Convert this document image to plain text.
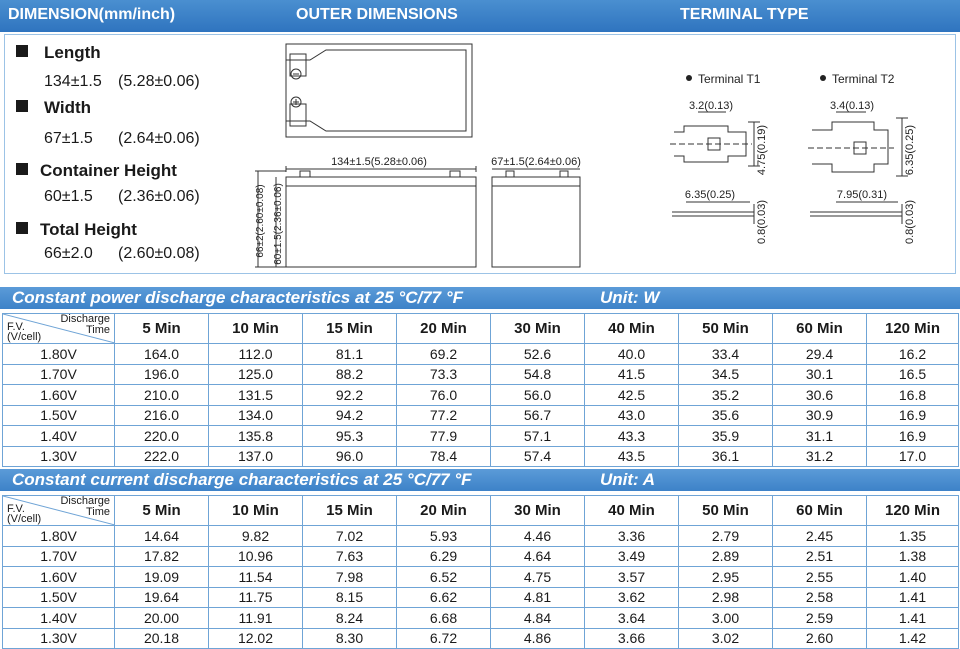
DIMENSION(mm/inch)	OUTER DIMENSIONS	TERMINAL TYPE
Length
134±1.5 (5.28±0.06)
Width
67±1.5 (2.64±0.06)
Container Height
60±1.5 (2.36±0.06)
Total Height
66±2.0 (2.60±0.08)
134±1.5(5.28±0.06)
66±2(2.60±0.08) 60±1.5(2.36±0.06)
67±1.5(2.64±0.06)
Terminal T1	Terminal T2
3.2(0.13)
4.75(0.19)
6.35(0.25)
0.8(0.03)
3.4(0.13)
6.35(0.25)
7.95(0.31)
0.8(0.03)
Constant power discharge characteristics at 25 °C/77 °F	Unit: W
Discharge
Time
F.V.
(V/cell)	5 Min	10 Min	15 Min	20 Min	30 Min	40 Min	50 Min	60 Min	120 Min
1.80V	164.0	112.0	81.1	69.2	52.6	40.0	33.4	29.4	16.2
1.70V	196.0	125.0	88.2	73.3	54.8	41.5	34.5	30.1	16.5
1.60V	210.0	131.5	92.2	76.0	56.0	42.5	35.2	30.6	16.8
1.50V	216.0	134.0	94.2	77.2	56.7	43.0	35.6	30.9	16.9
1.40V	220.0	135.8	95.3	77.9	57.1	43.3	35.9	31.1	16.9
1.30V	222.0	137.0	96.0	78.4	57.4	43.5	36.1	31.2	17.0
Constant current discharge characteristics at 25 °C/77 °F	Unit: A
Discharge
Time
F.V.
(V/cell)	5 Min	10 Min	15 Min	20 Min	30 Min	40 Min	50 Min	60 Min	120 Min
1.80V	14.64	9.82	7.02	5.93	4.46	3.36	2.79	2.45	1.35
1.70V	17.82	10.96	7.63	6.29	4.64	3.49	2.89	2.51	1.38
1.60V	19.09	11.54	7.98	6.52	4.75	3.57	2.95	2.55	1.40
1.50V	19.64	11.75	8.15	6.62	4.81	3.62	2.98	2.58	1.41
1.40V	20.00	11.91	8.24	6.68	4.84	3.64	3.00	2.59	1.41
1.30V	20.18	12.02	8.30	6.72	4.86	3.66	3.02	2.60	1.42
